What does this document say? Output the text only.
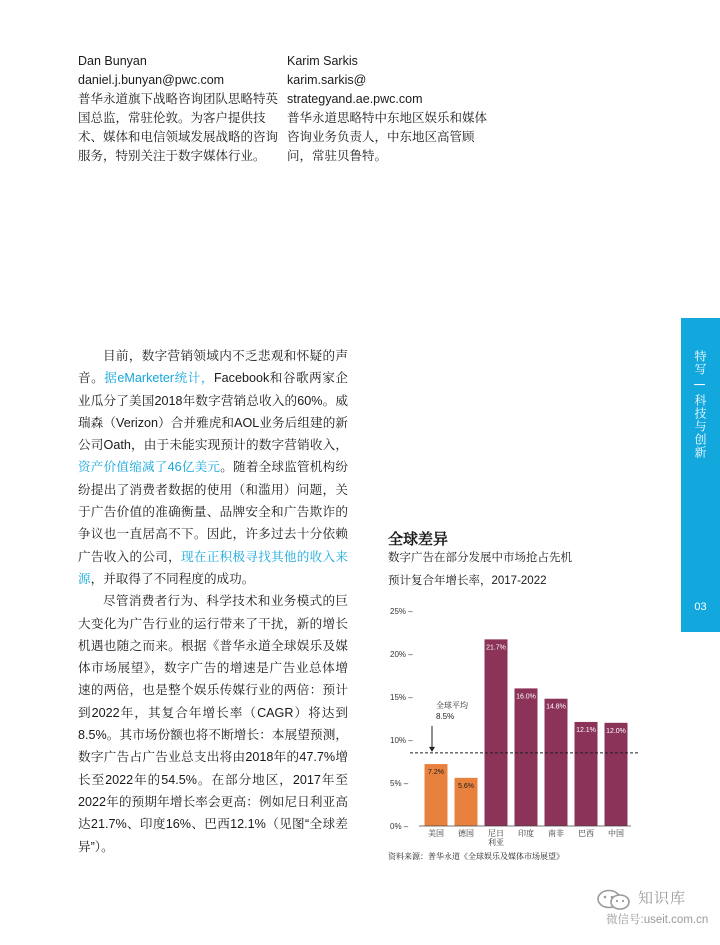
Dan Bunyan

daniel.j.bunyan@pwc.com

普华永道旗下战略咨询团队思略特英国总监，常驻伦敦。为客户提供技术、媒体和电信领域发展战略的咨询服务，特别关注于数字媒体行业。

Karim Sarkis

karim.sarkis@

strategyand.ae.pwc.com

普华永道思略特中东地区娱乐和媒体咨询业务负责人，中东地区高管顾问，常驻贝鲁特。

特写
|
科技与创新
03

目前，数字营销领域内不乏悲观和怀疑的声音。据eMarketer统计，Facebook和谷歌两家企业瓜分了美国2018年数字营销总收入的60%。威瑞森（Verizon）合并雅虎和AOL业务后组建的新公司Oath，由于未能实现预计的数字营销收入，资产价值缩减了46亿美元。随着全球监管机构纷纷提出了消费者数据的使用（和滥用）问题，关于广告价值的准确衡量、品牌安全和广告欺诈的争议也一直居高不下。因此，许多过去十分依赖广告收入的公司，现在正积极寻找其他的收入来源，并取得了不同程度的成功。

尽管消费者行为、科学技术和业务模式的巨大变化为广告行业的运行带来了干扰，新的增长机遇也随之而来。根据《普华永道全球娱乐及媒体市场展望》，数字广告的增速是广告业总体增速的两倍，也是整个娱乐传媒行业的两倍：预计到2022年，其复合年增长率（CAGR）将达到8.5%。其市场份额也将不断增长：本展望预测，数字广告占广告业总支出将由2018年的47.7%增长至2022年的54.5%。在部分地区，2017年至2022年的预期年增长率会更高：例如尼日利亚高达21.7%、印度16%、巴西12.1%（见图“全球差异”）。

全球差异
数字广告在部分发展中市场抢占先机
预计复合年增长率，2017-2022
0% –
5% –
10% –
15% –
20% –
25% –
7.2%
美国
5.6%
德国
21.7%
尼日
利亚
16.0%
印度
14.8%
南非
12.1%
巴西
12.0%
中国
全球平均
8.5%
资料来源：普华永道《全球娱乐及媒体市场展望》
知识库
微信号:useit.com.cn
